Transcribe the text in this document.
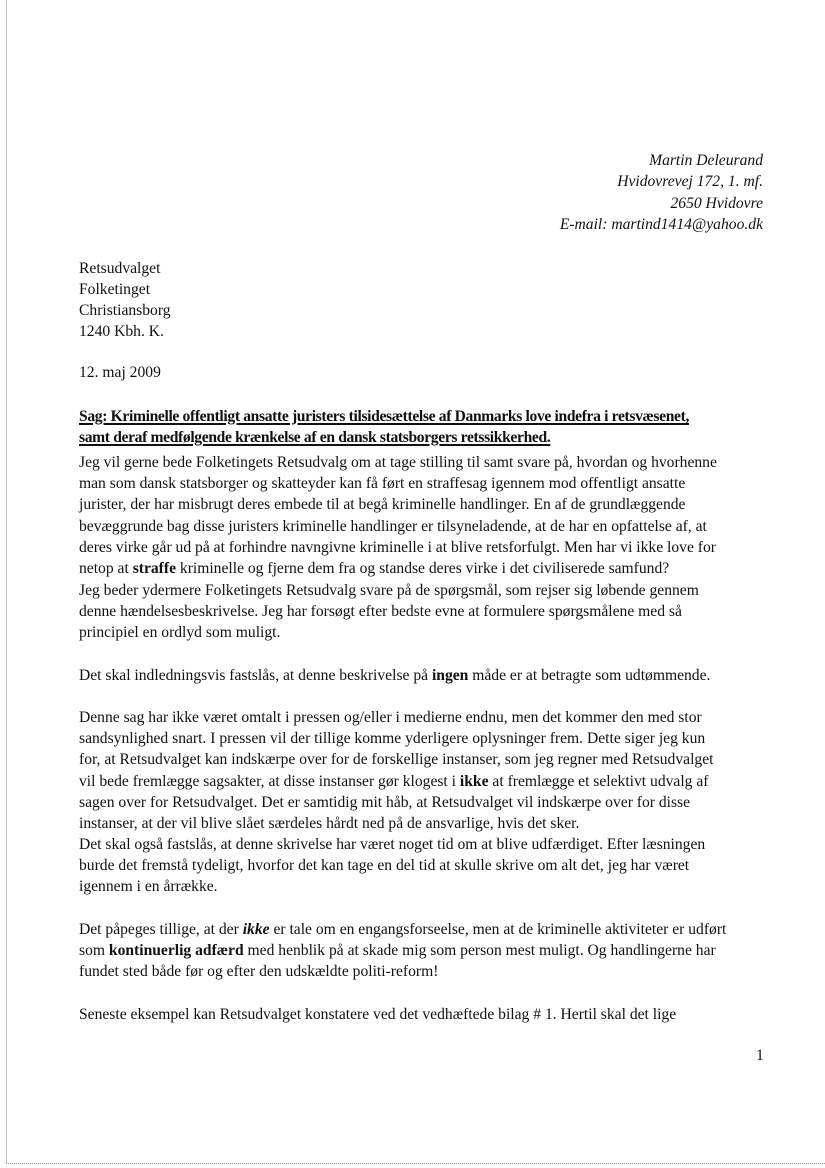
Martin Deleurand
Hvidovrevej 172, 1. mf.
2650 Hvidovre
E-mail: martind1414@yahoo.dk
Retsudvalget
Folketinget
Christiansborg
1240 Kbh. K.
12. maj 2009
Sag: Kriminelle offentligt ansatte juristers tilsidesættelse af Danmarks love indefra i retsvæsenet,
samt deraf medfølgende krænkelse af en dansk statsborgers retssikkerhed.
Jeg vil gerne bede Folketingets Retsudvalg om at tage stilling til samt svare på, hvordan og hvorhenne
man som dansk statsborger og skatteyder kan få ført en straffesag igennem mod offentligt ansatte
jurister, der har misbrugt deres embede til at begå kriminelle handlinger. En af de grundlæggende
bevæggrunde bag disse juristers kriminelle handlinger er tilsyneladende, at de har en opfattelse af, at
deres virke går ud på at forhindre navngivne kriminelle i at blive retsforfulgt. Men har vi ikke love for
netop at straffe kriminelle og fjerne dem fra og standse deres virke i det civiliserede samfund?
Jeg beder ydermere Folketingets Retsudvalg svare på de spørgsmål, som rejser sig løbende gennem
denne hændelsesbeskrivelse. Jeg har forsøgt efter bedste evne at formulere spørgsmålene med så
principiel en ordlyd som muligt.
Det skal indledningsvis fastslås, at denne beskrivelse på ingen måde er at betragte som udtømmende.
Denne sag har ikke været omtalt i pressen og/eller i medierne endnu, men det kommer den med stor
sandsynlighed snart. I pressen vil der tillige komme yderligere oplysninger frem. Dette siger jeg kun
for, at Retsudvalget kan indskærpe over for de forskellige instanser, som jeg regner med Retsudvalget
vil bede fremlægge sagsakter, at disse instanser gør klogest i ikke at fremlægge et selektivt udvalg af
sagen over for Retsudvalget. Det er samtidig mit håb, at Retsudvalget vil indskærpe over for disse
instanser, at der vil blive slået særdeles hårdt ned på de ansvarlige, hvis det sker.
Det skal også fastslås, at denne skrivelse har været noget tid om at blive udfærdiget. Efter læsningen
burde det fremstå tydeligt, hvorfor det kan tage en del tid at skulle skrive om alt det, jeg har været
igennem i en årrække.
Det påpeges tillige, at der ikke er tale om en engangsforseelse, men at de kriminelle aktiviteter er udført
som kontinuerlig adfærd med henblik på at skade mig som person mest muligt. Og handlingerne har
fundet sted både før og efter den udskældte politi-reform!
Seneste eksempel kan Retsudvalget konstatere ved det vedhæftede bilag # 1. Hertil skal det lige
1
